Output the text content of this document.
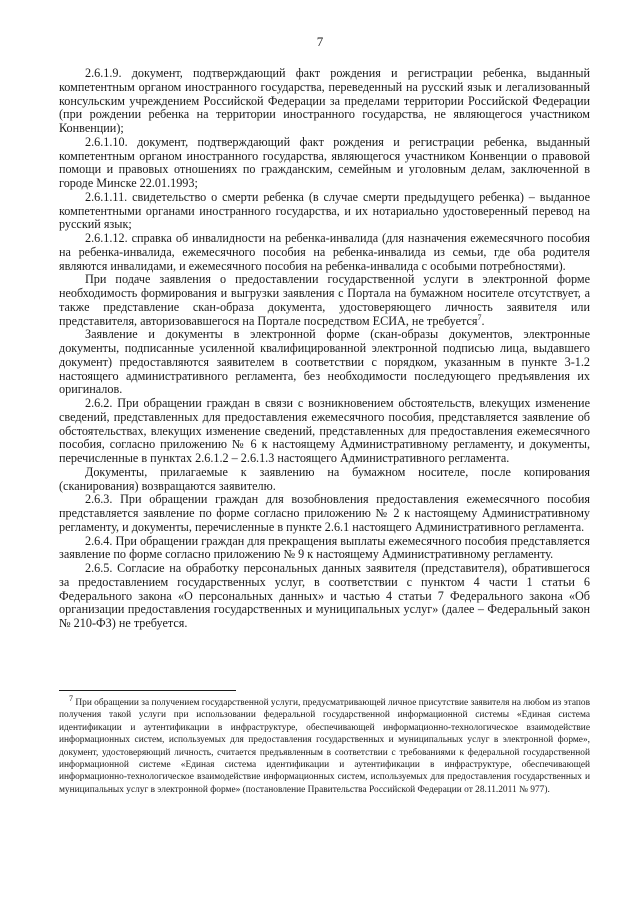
7

2.6.1.9. документ, подтверждающий факт рождения и регистрации ребенка, выданный компетентным органом иностранного государства, переведенный на русский язык и легализованный консульским учреждением Российской Федерации за пределами территории Российской Федерации (при рождении ребенка на территории иностранного государства, не являющегося участником Конвенции);

2.6.1.10. документ, подтверждающий факт рождения и регистрации ребенка, выданный компетентным органом иностранного государства, являющегося участником Конвенции о правовой помощи и правовых отношениях по гражданским, семейным и уголовным делам, заключенной в городе Минске 22.01.1993;

2.6.1.11. свидетельство о смерти ребенка (в случае смерти предыдущего ребенка) – выданное компетентными органами иностранного государства, и их нотариально удостоверенный перевод на русский язык;

2.6.1.12. справка об инвалидности на ребенка-инвалида (для назначения ежемесячного пособия на ребенка-инвалида, ежемесячного пособия на ребенка-инвалида из семьи, где оба родителя являются инвалидами, и ежемесячного пособия на ребенка-инвалида с особыми потребностями).

При подаче заявления о предоставлении государственной услуги в электронной форме необходимость формирования и выгрузки заявления с Портала на бумажном носителе отсутствует, а также представление скан-образа документа, удостоверяющего личность заявителя или представителя, авторизовавшегося на Портале посредством ЕСИА, не требуется$^7$.

Заявление и документы в электронной форме (скан-образы документов, электронные документы, подписанные усиленной квалифицированной электронной подписью лица, выдавшего документ) предоставляются заявителем в соответствии с порядком, указанным в пункте 3-1.2 настоящего административного регламента, без необходимости последующего предъявления их оригиналов.

2.6.2. При обращении граждан в связи с возникновением обстоятельств, влекущих изменение сведений, представленных для предоставления ежемесячного пособия, представляется заявление об обстоятельствах, влекущих изменение сведений, представленных для предоставления ежемесячного пособия, согласно приложению № 6 к настоящему Административному регламенту, и документы, перечисленные в пунктах 2.6.1.2 – 2.6.1.3 настоящего Административного регламента.

Документы, прилагаемые к заявлению на бумажном носителе, после копирования (сканирования) возвращаются заявителю.

2.6.3. При обращении граждан для возобновления предоставления ежемесячного пособия представляется заявление по форме согласно приложению № 2 к настоящему Административному регламенту, и документы, перечисленные в пункте 2.6.1 настоящего Административного регламента.

2.6.4. При обращении граждан для прекращения выплаты ежемесячного пособия представляется заявление по форме согласно приложению № 9 к настоящему Административному регламенту.

2.6.5. Согласие на обработку персональных данных заявителя (представителя), обратившегося за предоставлением государственных услуг, в соответствии с пунктом 4 части 1 статьи 6 Федерального закона «О персональных данных» и частью 4 статьи 7 Федерального закона «Об организации предоставления государственных и муниципальных услуг» (далее – Федеральный закон № 210-ФЗ) не требуется.

$^7$ При обращении за получением государственной услуги, предусматривающей личное присутствие заявителя на любом из этапов получения такой услуги при использовании федеральной государственной информационной системы «Единая система идентификации и аутентификации в инфраструктуре, обеспечивающей информационно-технологическое взаимодействие информационных систем, используемых для предоставления государственных и муниципальных услуг в электронной форме», документ, удостоверяющий личность, считается предъявленным в соответствии с требованиями к федеральной государственной информационной системе «Единая система идентификации и аутентификации в инфраструктуре, обеспечивающей информационно-технологическое взаимодействие информационных систем, используемых для предоставления государственных и муниципальных услуг в электронной форме» (постановление Правительства Российской Федерации от 28.11.2011 № 977).
